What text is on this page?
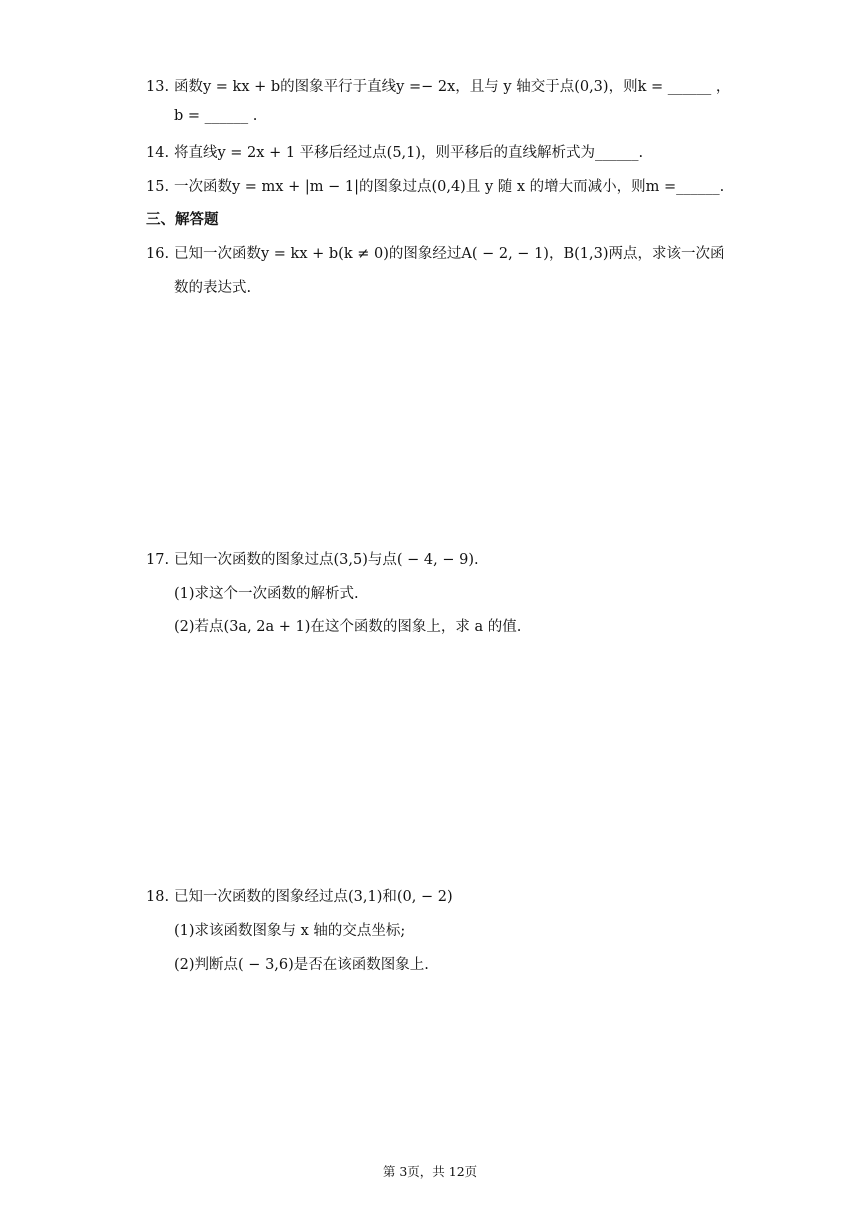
13. 函数y = kx + b的图象平行于直线y =− 2x，且与 y 轴交于点(0,3)，则k = ______ ，
b = ______ .
14. 将直线y = 2x + 1 平移后经过点(5,1)，则平移后的直线解析式为______.
15. 一次函数y = mx + |m − 1|的图象过点(0,4)且 y 随 x 的增大而减小，则m =______.
三、解答题
16. 已知一次函数y = kx + b(k ≠ 0)的图象经过A( − 2, − 1)，B(1,3)两点，求该一次函
数的表达式.
17. 已知一次函数的图象过点(3,5)与点( − 4, − 9).
(1)求这个一次函数的解析式.
(2)若点(3a, 2a + 1)在这个函数的图象上，求 a 的值.
18. 已知一次函数的图象经过点(3,1)和(0, − 2)
(1)求该函数图象与 x 轴的交点坐标;
(2)判断点( − 3,6)是否在该函数图象上.
第 3页，共 12页
